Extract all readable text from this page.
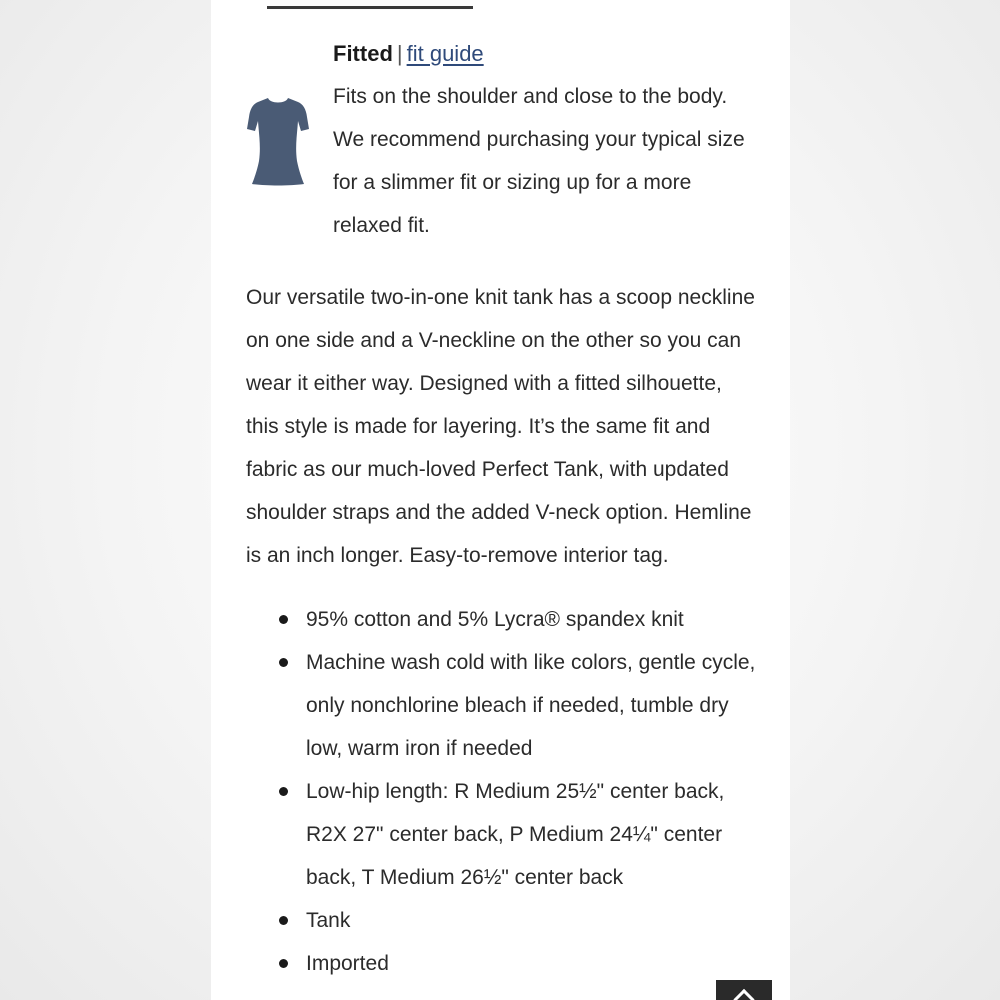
Fitted | fit guide
Fits on the shoulder and close to the body.
We recommend purchasing your typical size
for a slimmer fit or sizing up for a more
relaxed fit.
Our versatile two-in-one knit tank has a scoop neckline
on one side and a V-neckline on the other so you can
wear it either way. Designed with a fitted silhouette,
this style is made for layering. It’s the same fit and
fabric as our much-loved Perfect Tank, with updated
shoulder straps and the added V-neck option. Hemline
is an inch longer. Easy-to-remove interior tag.
95% cotton and 5% Lycra® spandex knit
Machine wash cold with like colors, gentle cycle,
only nonchlorine bleach if needed, tumble dry
low, warm iron if needed
Low-hip length: R Medium 25½" center back,
R2X 27" center back, P Medium 24¼" center
back, T Medium 26½" center back
Tank
Imported
